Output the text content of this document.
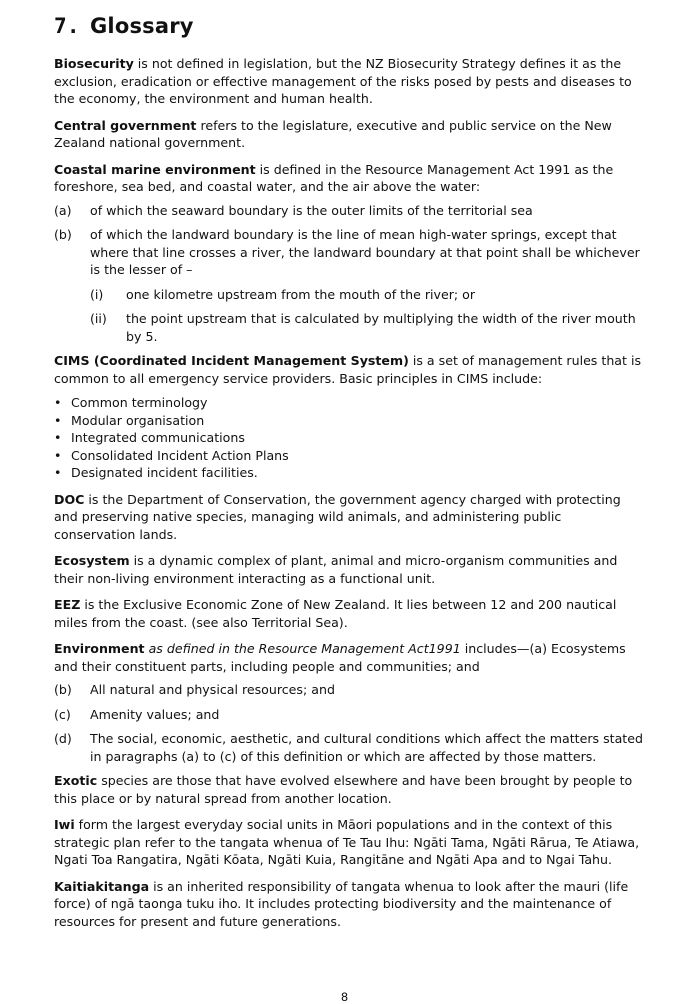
7. Glossary

Biosecurity is not defined in legislation, but the NZ Biosecurity Strategy defines it as the exclusion, eradication or effective management of the risks posed by pests and diseases to the economy, the environment and human health.

Central government refers to the legislature, executive and public service on the New Zealand national government.

Coastal marine environment is defined in the Resource Management Act 1991 as the foreshore, sea bed, and coastal water, and the air above the water:

(a)	of which the seaward boundary is the outer limits of the territorial sea
(b)	of which the landward boundary is the line of mean high-water springs, except that where that line crosses a river, the landward boundary at that point shall be whichever is the lesser of –
(i)	one kilometre upstream from the mouth of the river; or
(ii)	the point upstream that is calculated by multiplying the width of the river mouth by 5.

CIMS (Coordinated Incident Management System) is a set of management rules that is common to all emergency service providers. Basic principles in CIMS include:

• Common terminology
• Modular organisation
• Integrated communications
• Consolidated Incident Action Plans
• Designated incident facilities.

DOC is the Department of Conservation, the government agency charged with protecting and preserving native species, managing wild animals, and administering public conservation lands.

Ecosystem is a dynamic complex of plant, animal and micro-organism communities and their non-living environment interacting as a functional unit.

EEZ is the Exclusive Economic Zone of New Zealand. It lies between 12 and 200 nautical miles from the coast. (see also Territorial Sea).

Environment as defined in the Resource Management Act1991 includes—(a) Ecosystems and their constituent parts, including people and communities; and

(b)	All natural and physical resources; and
(c)	Amenity values; and
(d)	The social, economic, aesthetic, and cultural conditions which affect the matters stated in paragraphs (a) to (c) of this definition or which are affected by those matters.

Exotic species are those that have evolved elsewhere and have been brought by people to this place or by natural spread from another location.

Iwi form the largest everyday social units in Māori populations and in the context of this strategic plan refer to the tangata whenua of Te Tau Ihu: Ngāti Tama, Ngāti Rārua, Te Atiawa, Ngati Toa Rangatira, Ngāti Kōata, Ngāti Kuia, Rangitāne and Ngāti Apa and to Ngai Tahu.

Kaitiakitanga is an inherited responsibility of tangata whenua to look after the mauri (life force) of ngā taonga tuku iho. It includes protecting biodiversity and the maintenance of resources for present and future generations.

8
